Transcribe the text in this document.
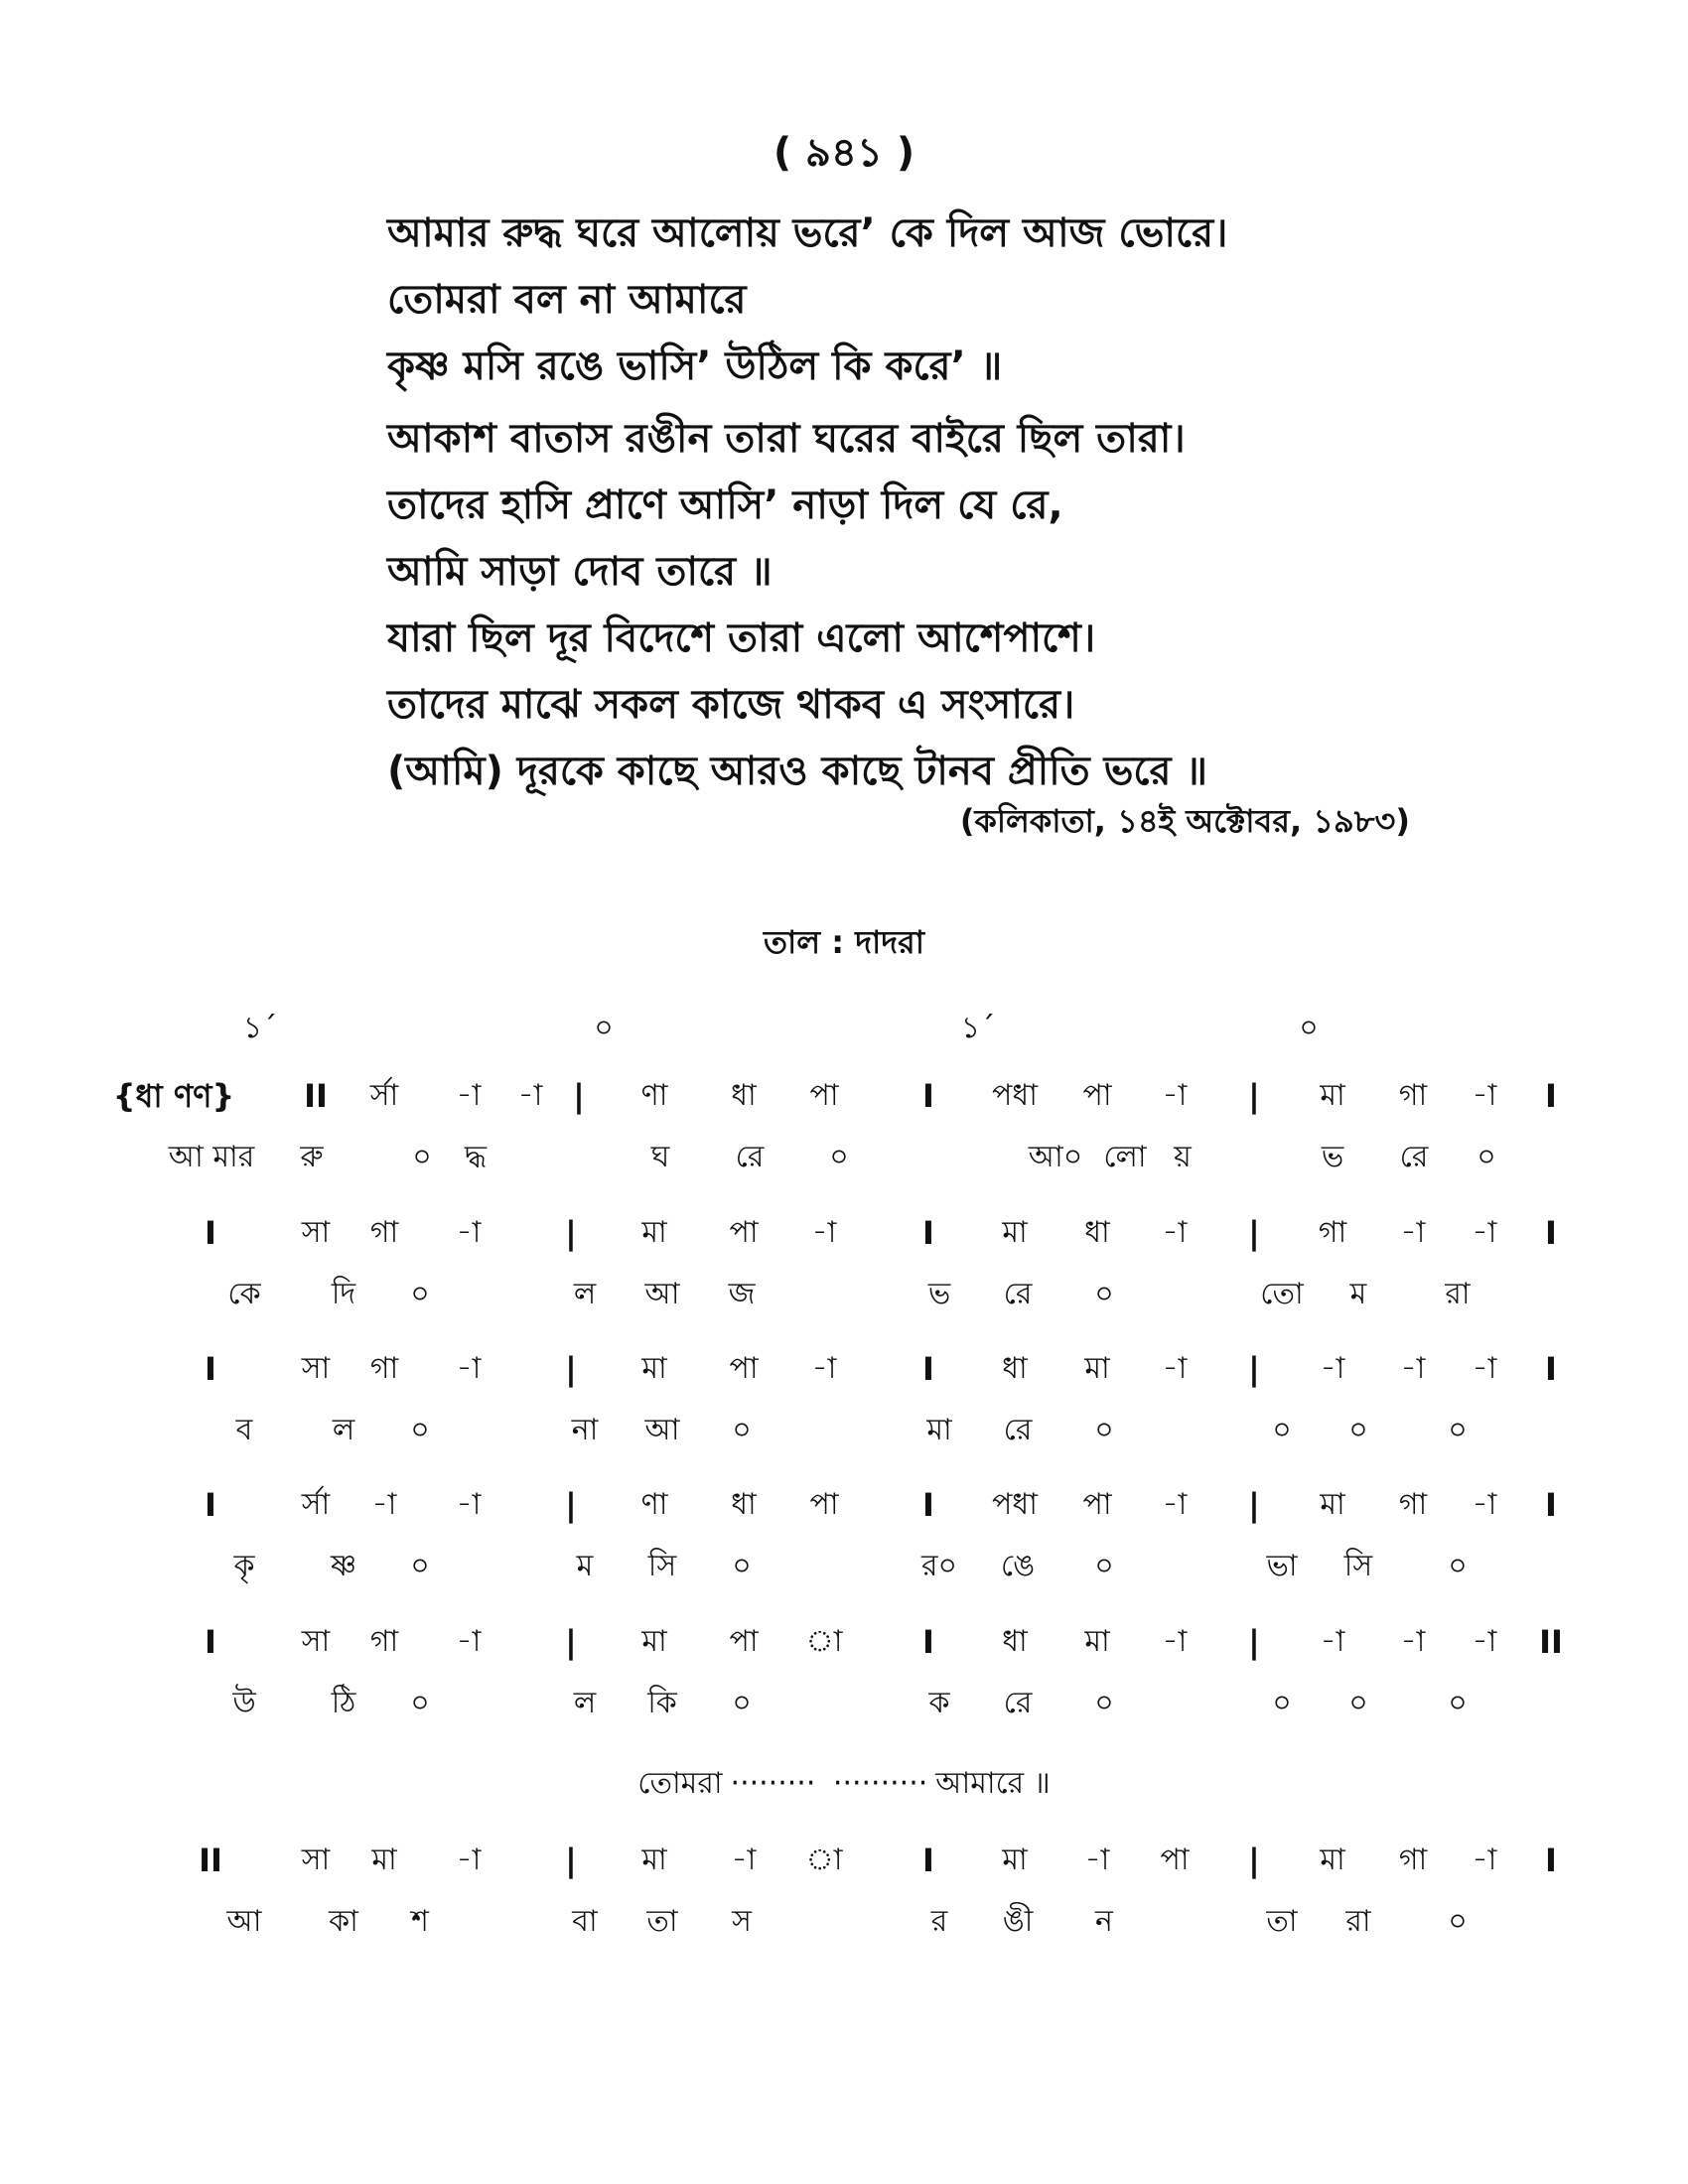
( ৯৪১ )
আমার রুদ্ধ ঘরে আলোয় ভরে’ কে দিল আজ ভোরে।
তোমরা বল না আমারে
কৃষ্ণ মসি রঙে ভাসি’ উঠিল কি করে’ ॥
আকাশ বাতাস রঙীন তারা ঘরের বাইরে ছিল তারা।
তাদের হাসি প্রাণে আসি’ নাড়া দিল যে রে,
আমি সাড়া দোব তারে ॥
যারা ছিল দূর বিদেশে তারা এলো আশেপাশে।
তাদের মাঝে সকল কাজে থাকব এ সংসারে।
(আমি) দূরকে কাছে আরও কাছে টানব প্রীতি ভরে ॥
(কলিকাতা, ১৪ই অক্টোবর, ১৯৮৩)
তাল : দাদরা
১´	০	১´	০
{ধা ণণ} II র্সা -া -া | ণা ধা পা	I পধা পা -া | মা গা -া I
আ মার রু	০ দ্ধ	ঘ রে ০	আ০ লো য়	ভ রে ০
I	সা গা -া	| মা পা -া	I মা ধা -া | গা -া -া I
কে দি ০	ল আ জ	ভ রে ০	তো ম	রা
I	সা গা -া	| মা পা -া	I ধা মা -া | -া -া -া I
ব	ল ০	না আ ০	মা রে ০	০ ০	০
I	র্সা -া -া	| ণা ধা পা	I পধা পা -া | মা গা -া I
কৃ	ষ্ণ ০	ম সি ০	র০ ঙে ০	ভা সি	০
I	সা গা -া	| মা পা া	I ধা মা -া | -া -া -া II
উ	ঠি ০	ল কি ০	ক রে ০	০ ০	০
II	সা মা -া	| মা -া া	I মা -া পা | মা গা -া I
আ কা শ	বা তা স	র ঙী ন	তা রা	০
তোমরা ········· ·········· আমারে ॥
